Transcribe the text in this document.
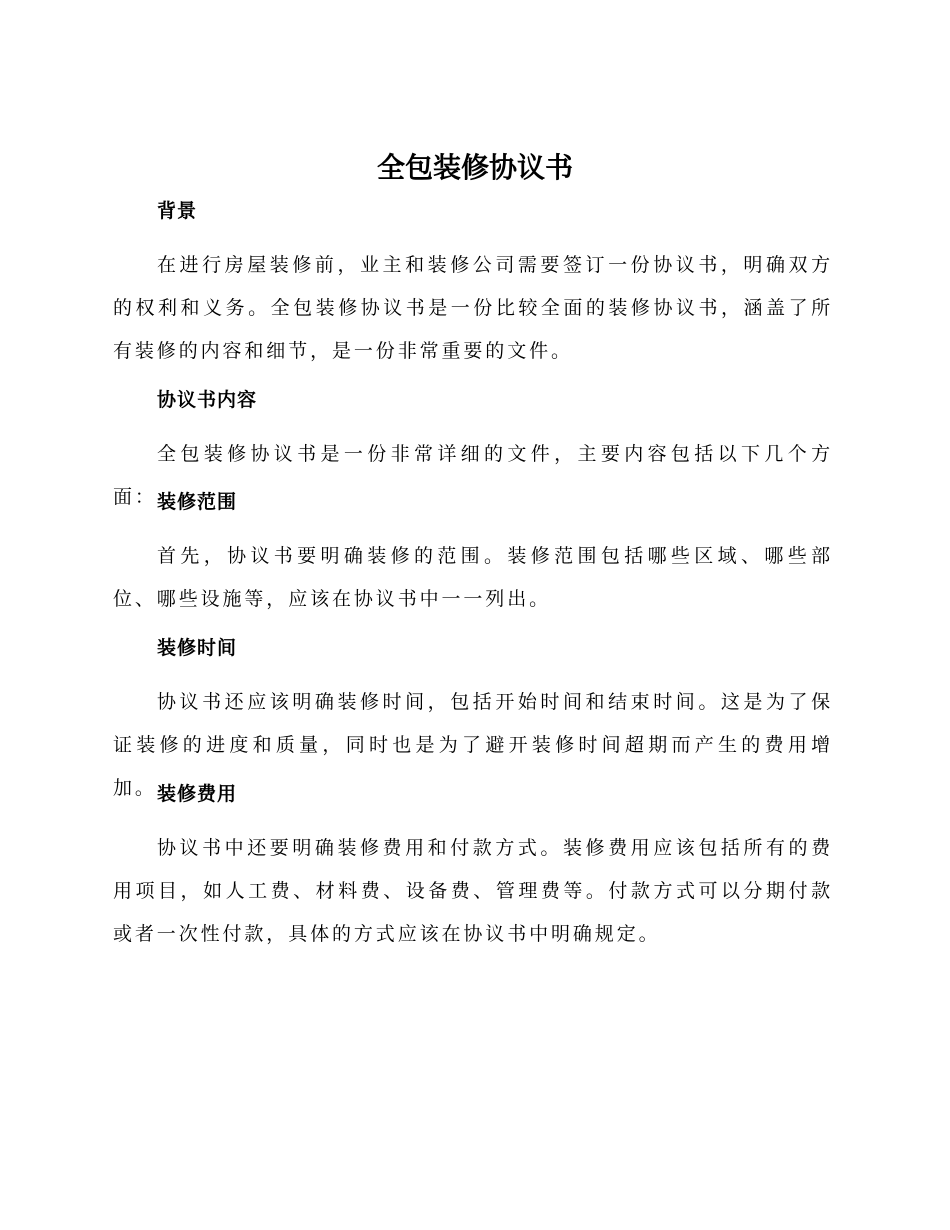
全包装修协议书
背景

在进行房屋装修前，业主和装修公司需要签订一份协议书，明确双方的权利和义务。全包装修协议书是一份比较全面的装修协议书，涵盖了所有装修的内容和细节，是一份非常重要的文件。

协议书内容

全包装修协议书是一份非常详细的文件，主要内容包括以下几个方面： 装修范围

首先，协议书要明确装修的范围。装修范围包括哪些区域、哪些部位、哪些设施等，应该在协议书中一一列出。

装修时间

协议书还应该明确装修时间，包括开始时间和结束时间。这是为了保证装修的进度和质量，同时也是为了避开装修时间超期而产生的费用增加。 装修费用

协议书中还要明确装修费用和付款方式。装修费用应该包括所有的费用项目，如人工费、材料费、设备费、管理费等。付款方式可以分期付款或者一次性付款，具体的方式应该在协议书中明确规定。
